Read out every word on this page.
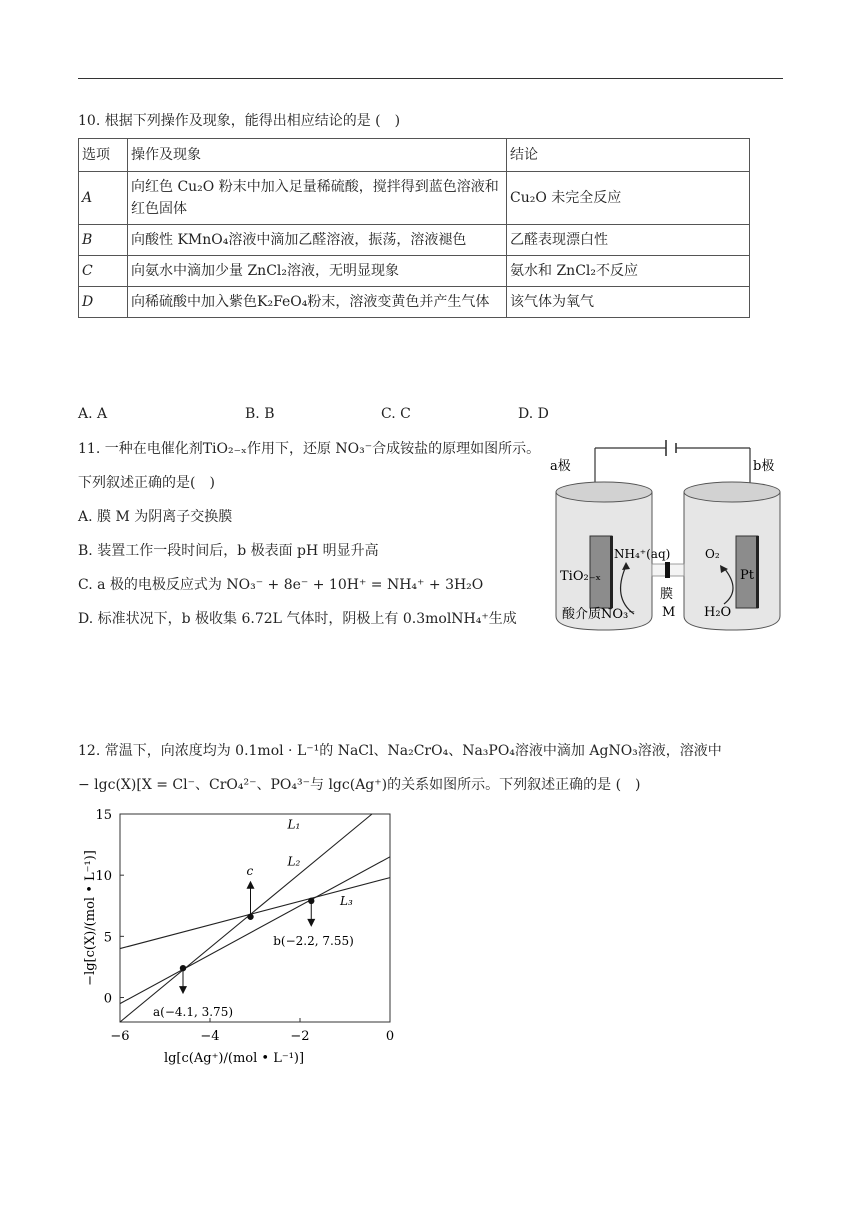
10. 根据下列操作及现象，能得出相应结论的是 (　)
选项	操作及现象	结论
A	向红色 Cu₂O 粉末中加入足量稀硫酸，搅拌得到蓝色溶液和红色固体	Cu₂O 未完全反应
B	向酸性 KMnO₄溶液中滴加乙醛溶液，振荡，溶液褪色	乙醛表现漂白性
C	向氨水中滴加少量 ZnCl₂溶液，无明显现象	氨水和 ZnCl₂不反应
D	向稀硫酸中加入紫色K₂FeO₄粉末，溶液变黄色并产生气体	该气体为氧气
A. A	B. B	C. C	D. D
11. 一种在电催化剂TiO₂₋ₓ作用下，还原 NO₃⁻合成铵盐的原理如图所示。
下列叙述正确的是(　)
A. 膜 M 为阴离子交换膜
B. 装置工作一段时间后，b 极表面 pH 明显升高
C. a 极的电极反应式为 NO₃⁻ + 8e⁻ + 10H⁺ = NH₄⁺ + 3H₂O
D. 标准状况下，b 极收集 6.72L 气体时，阴极上有 0.3molNH₄⁺生成
a极	b极
TiO₂₋ₓ
NH₄⁺(aq)	O₂
Pt
膜
M
酸介质NO₃⁻	H₂O
12. 常温下，向浓度均为 0.1mol · L⁻¹的 NaCl、Na₂CrO₄、Na₃PO₄溶液中滴加 AgNO₃溶液，溶液中
− lgc(X)[X = Cl⁻、CrO₄²⁻、PO₄³⁻与 lgc(Ag⁺)的关系如图所示。下列叙述正确的是 (　)
−6	−4	−2	0
0
5
10
15
L₁
L₂
L₃
a(−4.1, 3.75)
b(−2.2, 7.55)
c
lg[c(Ag⁺)/(mol • L⁻¹)]
−lg[c(X)/(mol • L⁻¹)]
